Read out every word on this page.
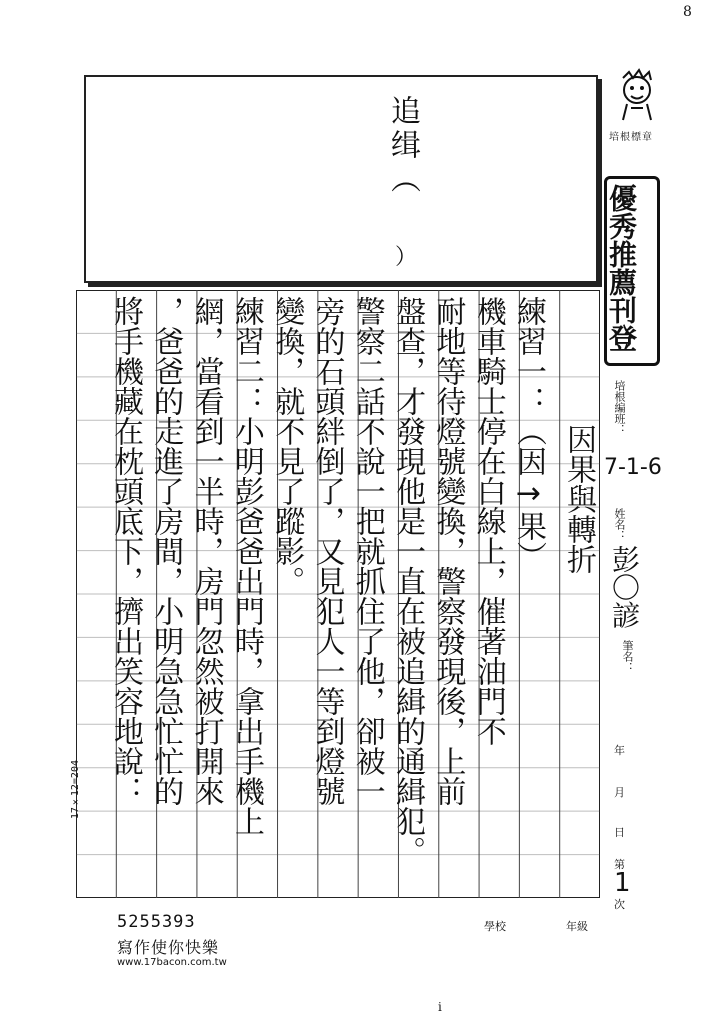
追缉（
）
練習一：（因→果）
機車騎士停在白線上，催著油門不
耐地等待燈號變換，警察發現後，上前
盤查，才發現他是一直在被追緝的通緝犯。
警察二話不說一把就抓住了他，卻被一
旁的石頭絆倒了，又見犯人一等到燈號
變換，就不見了蹤影。
練習二：小明彭爸爸出門時，拿出手機上
網，當看到一半時，房門忽然被打開來
，爸爸的走進了房間，小明急急忙忙的
將手機藏在枕頭底下，擠出笑容地說：	因果與轉折
培根標章
優秀推薦刊登
培根編班：
7-1-6
姓名：
彭〇諺
筆名：
年
月
日
第
1
次
學校	年級
5255393
寫作使你快樂
www.17bacon.com.tw
17×12=204
8
i
